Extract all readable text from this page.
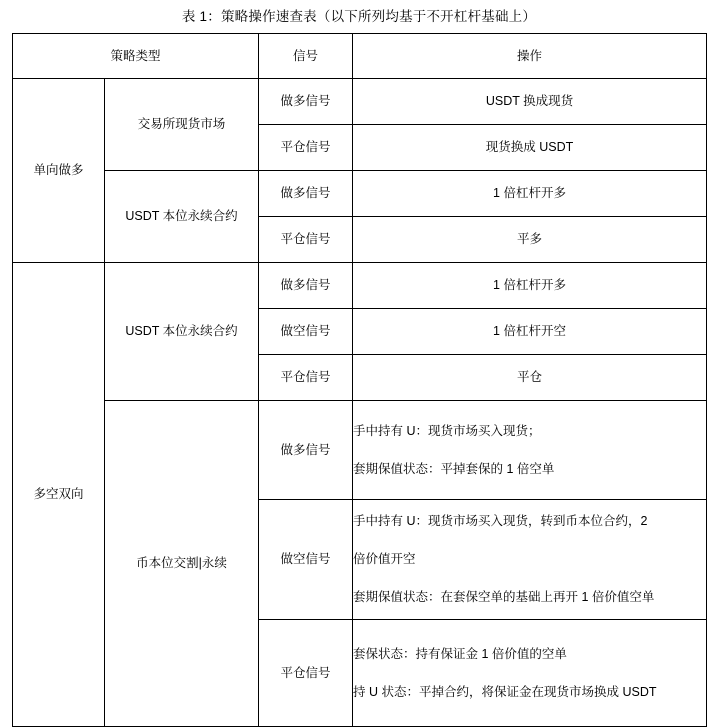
表 1：策略操作速查表（以下所列均基于不开杠杆基础上）
策略类型		信号	操作
单向做多	交易所现货市场	做多信号	USDT 换成现货
		平仓信号	现货换成 USDT
	USDT 本位永续合约	做多信号	1 倍杠杆开多
		平仓信号	平多
多空双向	USDT 本位永续合约	做多信号	1 倍杠杆开多
		做空信号	1 倍杠杆开空
		平仓信号	平仓
	币本位交割|永续	做多信号	手中持有 U：现货市场买入现货；

套期保值状态：平掉套保的 1 倍空单

		做空信号	手中持有 U：现货市场买入现货，转到币本位合约，2

倍价值开空

套期保值状态：在套保空单的基础上再开 1 倍价值空单

		平仓信号	套保状态：持有保证金 1 倍价值的空单

持 U 状态：平掉合约，将保证金在现货市场换成 USDT
